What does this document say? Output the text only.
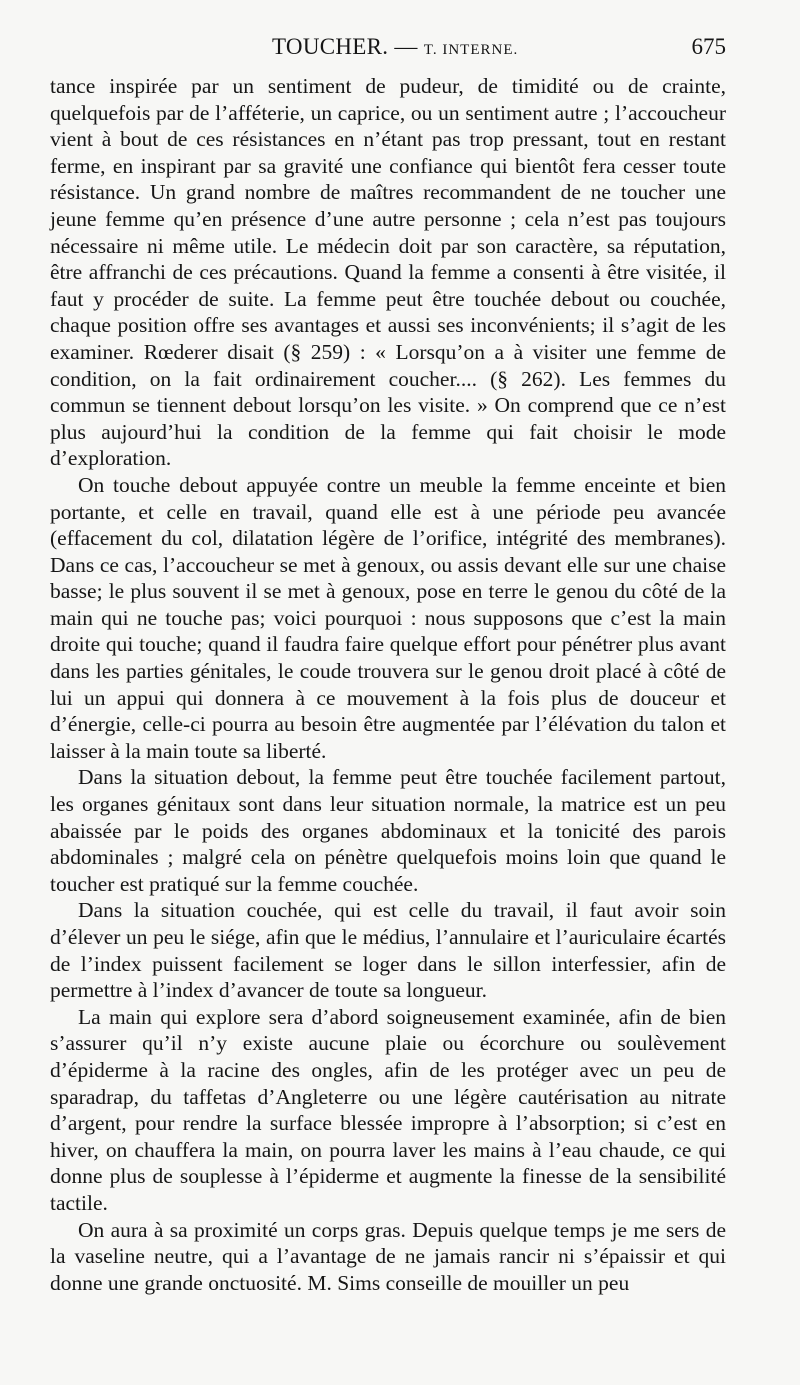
TOUCHER. — T. INTERNE.	675

tance inspirée par un sentiment de pudeur, de timidité ou de crainte, quelquefois par de l’afféterie, un caprice, ou un sentiment autre ; l’accoucheur vient à bout de ces résistances en n’étant pas trop pressant, tout en restant ferme, en inspirant par sa gravité une confiance qui bientôt fera cesser toute résistance. Un grand nombre de maîtres recommandent de ne toucher une jeune femme qu’en présence d’une autre personne ; cela n’est pas toujours nécessaire ni même utile. Le médecin doit par son caractère, sa réputation, être affranchi de ces précautions. Quand la femme a consenti à être visitée, il faut y procéder de suite. La femme peut être touchée debout ou couchée, chaque position offre ses avantages et aussi ses inconvénients; il s’agit de les examiner. Rœderer disait (§ 259) : « Lorsqu’on a à visiter une femme de condition, on la fait ordinairement coucher.... (§ 262). Les femmes du commun se tiennent debout lorsqu’on les visite. » On comprend que ce n’est plus aujourd’hui la condition de la femme qui fait choisir le mode d’exploration.

On touche debout appuyée contre un meuble la femme enceinte et bien portante, et celle en travail, quand elle est à une période peu avancée (effacement du col, dilatation légère de l’orifice, intégrité des membranes). Dans ce cas, l’accoucheur se met à genoux, ou assis devant elle sur une chaise basse; le plus souvent il se met à genoux, pose en terre le genou du côté de la main qui ne touche pas; voici pourquoi : nous supposons que c’est la main droite qui touche; quand il faudra faire quelque effort pour pénétrer plus avant dans les parties génitales, le coude trouvera sur le genou droit placé à côté de lui un appui qui donnera à ce mouvement à la fois plus de douceur et d’énergie, celle-ci pourra au besoin être augmentée par l’élévation du talon et laisser à la main toute sa liberté.

Dans la situation debout, la femme peut être touchée facilement partout, les organes génitaux sont dans leur situation normale, la matrice est un peu abaissée par le poids des organes abdominaux et la tonicité des parois abdominales ; malgré cela on pénètre quelquefois moins loin que quand le toucher est pratiqué sur la femme couchée.

Dans la situation couchée, qui est celle du travail, il faut avoir soin d’élever un peu le siége, afin que le médius, l’annulaire et l’auriculaire écartés de l’index puissent facilement se loger dans le sillon interfessier, afin de permettre à l’index d’avancer de toute sa longueur.

La main qui explore sera d’abord soigneusement examinée, afin de bien s’assurer qu’il n’y existe aucune plaie ou écorchure ou soulèvement d’épiderme à la racine des ongles, afin de les protéger avec un peu de sparadrap, du taffetas d’Angleterre ou une légère cautérisation au nitrate d’argent, pour rendre la surface blessée impropre à l’absorption; si c’est en hiver, on chauffera la main, on pourra laver les mains à l’eau chaude, ce qui donne plus de souplesse à l’épiderme et augmente la finesse de la sensibilité tactile.

On aura à sa proximité un corps gras. Depuis quelque temps je me sers de la vaseline neutre, qui a l’avantage de ne jamais rancir ni s’épaissir et qui donne une grande onctuosité. M. Sims conseille de mouiller un peu
